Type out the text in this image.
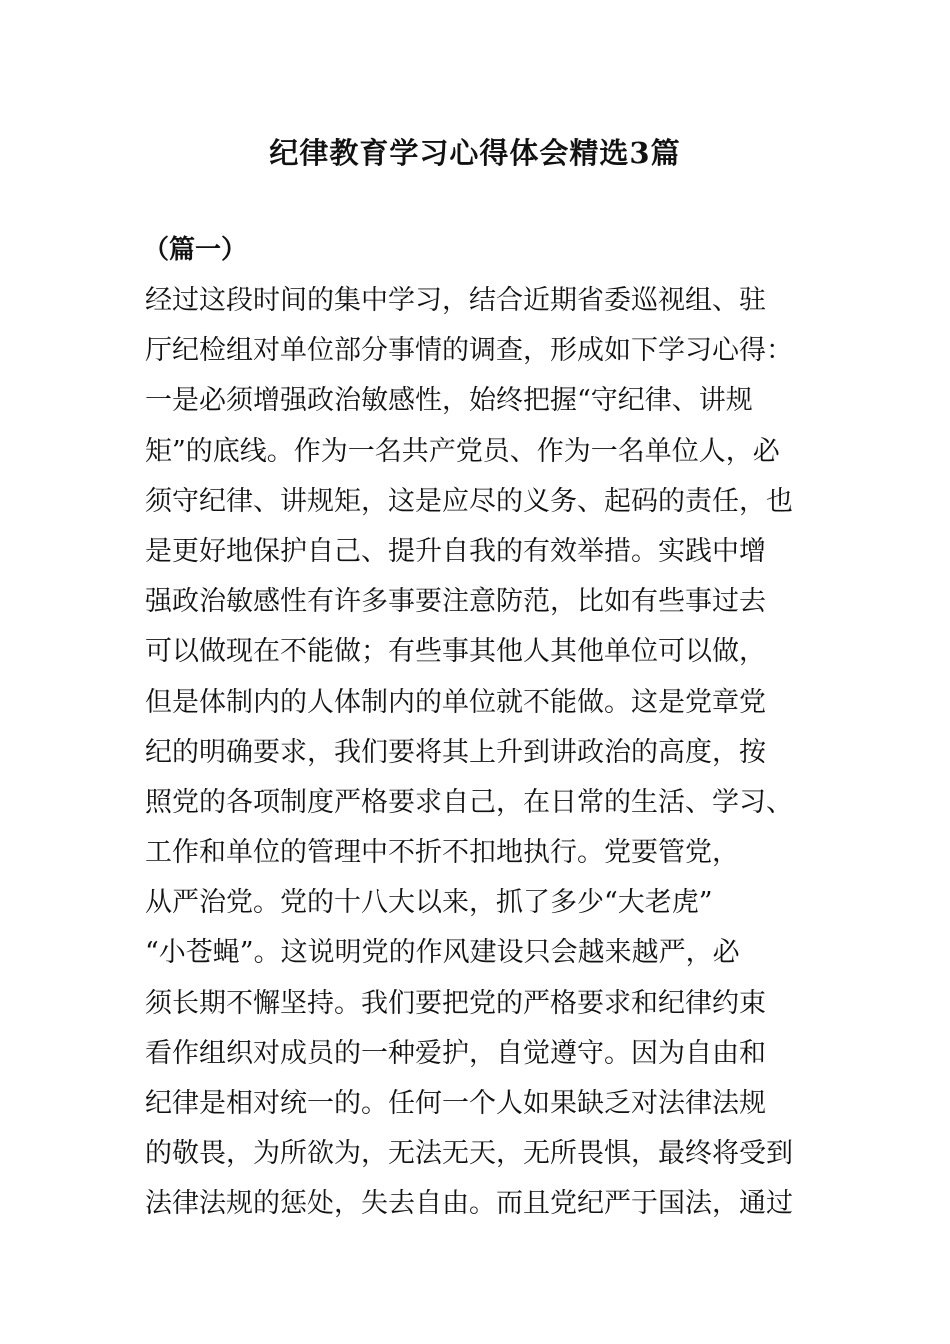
纪律教育学习心得体会精选3篇
（篇一）
经过这段时间的集中学习，结合近期省委巡视组、驻
厅纪检组对单位部分事情的调查，形成如下学习心得：
一是必须增强政治敏感性，始终把握“守纪律、讲规
矩”的底线。作为一名共产党员、作为一名单位人，必
须守纪律、讲规矩，这是应尽的义务、起码的责任，也
是更好地保护自己、提升自我的有效举措。实践中增
强政治敏感性有许多事要注意防范，比如有些事过去
可以做现在不能做；有些事其他人其他单位可以做，
但是体制内的人体制内的单位就不能做。这是党章党
纪的明确要求，我们要将其上升到讲政治的高度，按
照党的各项制度严格要求自己，在日常的生活、学习、
工作和单位的管理中不折不扣地执行。党要管党，
从严治党。党的十八大以来，抓了多少“大老虎”
“小苍蝇”。这说明党的作风建设只会越来越严，必
须长期不懈坚持。我们要把党的严格要求和纪律约束
看作组织对成员的一种爱护，自觉遵守。因为自由和
纪律是相对统一的。任何一个人如果缺乏对法律法规
的敬畏，为所欲为，无法无天，无所畏惧，最终将受到
法律法规的惩处，失去自由。而且党纪严于国法，通过
